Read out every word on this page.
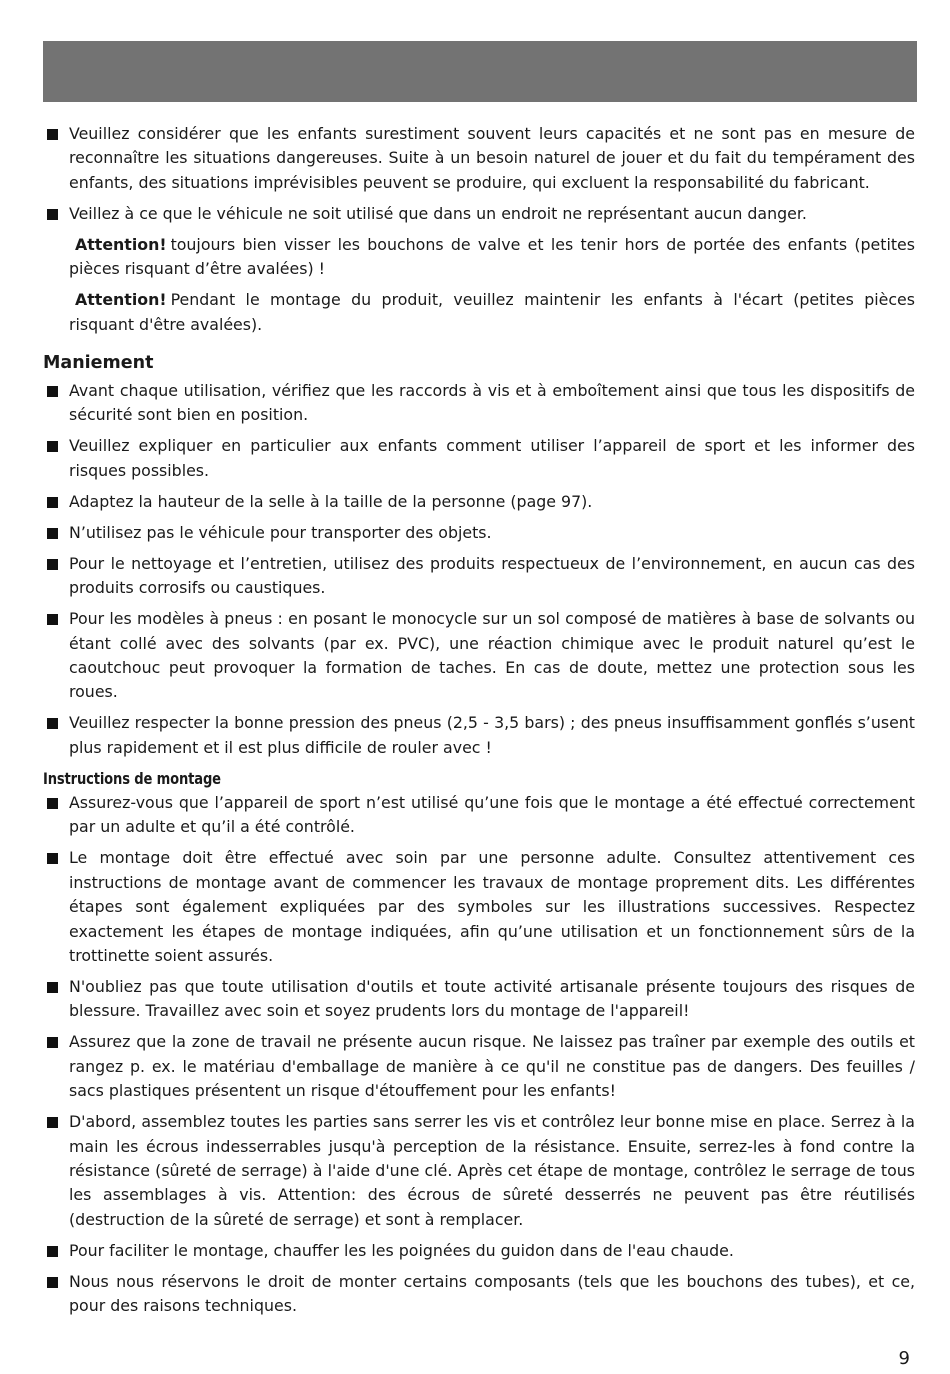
Veuillez considérer que les enfants surestiment souvent leurs capacités et ne sont pas en mesure de reconnaître les situations dangereuses. Suite à un besoin naturel de jouer et du fait du tempérament des enfants, des situations imprévisibles peuvent se produire, qui excluent la responsabilité du fabricant.
Veillez à ce que le véhicule ne soit utilisé que dans un endroit ne représentant aucun danger.
Attention! toujours bien visser les bouchons de valve et les tenir hors de portée des enfants (petites pièces risquant d’être avalées) !
Attention! Pendant le montage du produit, veuillez maintenir les enfants à l'écart (petites pièces risquant d'être avalées).
Maniement
Avant chaque utilisation, vérifiez que les raccords à vis et à emboîtement ainsi que tous les dispositifs de sécurité sont bien en position.
Veuillez expliquer en particulier aux enfants comment utiliser l’appareil de sport et les informer des risques possibles.
Adaptez la hauteur de la selle à la taille de la personne (page 97).
N’utilisez pas le véhicule pour transporter des objets.
Pour le nettoyage et l’entretien, utilisez des produits respectueux de l’environnement, en aucun cas des produits corrosifs ou caustiques.
Pour les modèles à pneus : en posant le monocycle sur un sol composé de matières à base de solvants ou étant collé avec des solvants (par ex. PVC), une réaction chimique avec le produit naturel qu’est le caoutchouc peut provoquer la formation de taches. En cas de doute, mettez une protection sous les roues.
Veuillez respecter la bonne pression des pneus (2,5 - 3,5 bars) ; des pneus insuffisamment gonflés s’usent plus rapidement et il est plus difficile de rouler avec !
Instructions de montage
Assurez-vous que l’appareil de sport n’est utilisé qu’une fois que le montage a été effectué correctement par un adulte et qu’il a été contrôlé.
Le montage doit être effectué avec soin par une personne adulte. Consultez attentivement ces instructions de montage avant de commencer les travaux de montage proprement dits. Les différentes étapes sont également expliquées par des symboles sur les illustrations successives. Respectez exactement les étapes de montage indiquées, afin qu’une utilisation et un fonctionnement sûrs de la trottinette soient assurés.
N'oubliez pas que toute utilisation d'outils et toute activité artisanale présente toujours des risques de blessure. Travaillez avec soin et soyez prudents lors du montage de l'appareil!
Assurez que la zone de travail ne présente aucun risque. Ne laissez pas traîner par exemple des outils et rangez p. ex. le matériau d'emballage de manière à ce qu'il ne constitue pas de dangers. Des feuilles / sacs plastiques présentent un risque d'étouffement pour les enfants!
D'abord, assemblez toutes les parties sans serrer les vis et contrôlez leur bonne mise en place. Serrez à la main les écrous indesserrables jusqu'à perception de la résistance. Ensuite, serrez-les à fond contre la résistance (sûreté de serrage) à l'aide d'une clé. Après cet étape de montage, contrôlez le serrage de tous les assemblages à vis. Attention: des écrous de sûreté desserrés ne peuvent pas être réutilisés (destruction de la sûreté de serrage) et sont à remplacer.
Pour faciliter le montage, chauffer les les poignées du guidon dans de l'eau chaude.
Nous nous réservons le droit de monter certains composants (tels que les bouchons des tubes), et ce, pour des raisons techniques.
9
